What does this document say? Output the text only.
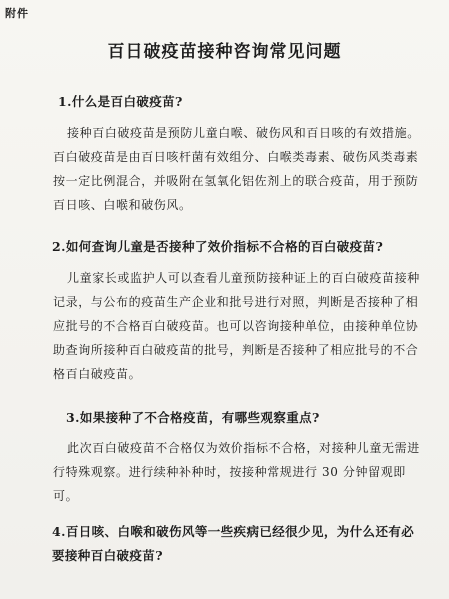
附件
百日破疫苗接种咨询常见问题
1.什么是百白破疫苗?
接种百白破疫苗是预防儿童白喉、破伤风和百日咳的有效措施。百白破疫苗是由百日咳杆菌有效组分、白喉类毒素、破伤风类毒素按一定比例混合，并吸附在氢氧化铝佐剂上的联合疫苗，用于预防百日咳、白喉和破伤风。
2.如何查询儿童是否接种了效价指标不合格的百白破疫苗?
儿童家长或监护人可以查看儿童预防接种证上的百白破疫苗接种记录，与公布的疫苗生产企业和批号进行对照，判断是否接种了相应批号的不合格百白破疫苗。也可以咨询接种单位，由接种单位协助查询所接种百白破疫苗的批号，判断是否接种了相应批号的不合格百白破疫苗。
3.如果接种了不合格疫苗，有哪些观察重点?
此次百白破疫苗不合格仅为效价指标不合格，对接种儿童无需进行特殊观察。进行续种补种时，按接种常规进行 30 分钟留观即可。
4.百日咳、白喉和破伤风等一些疾病已经很少见，为什么还有必要接种百白破疫苗?
